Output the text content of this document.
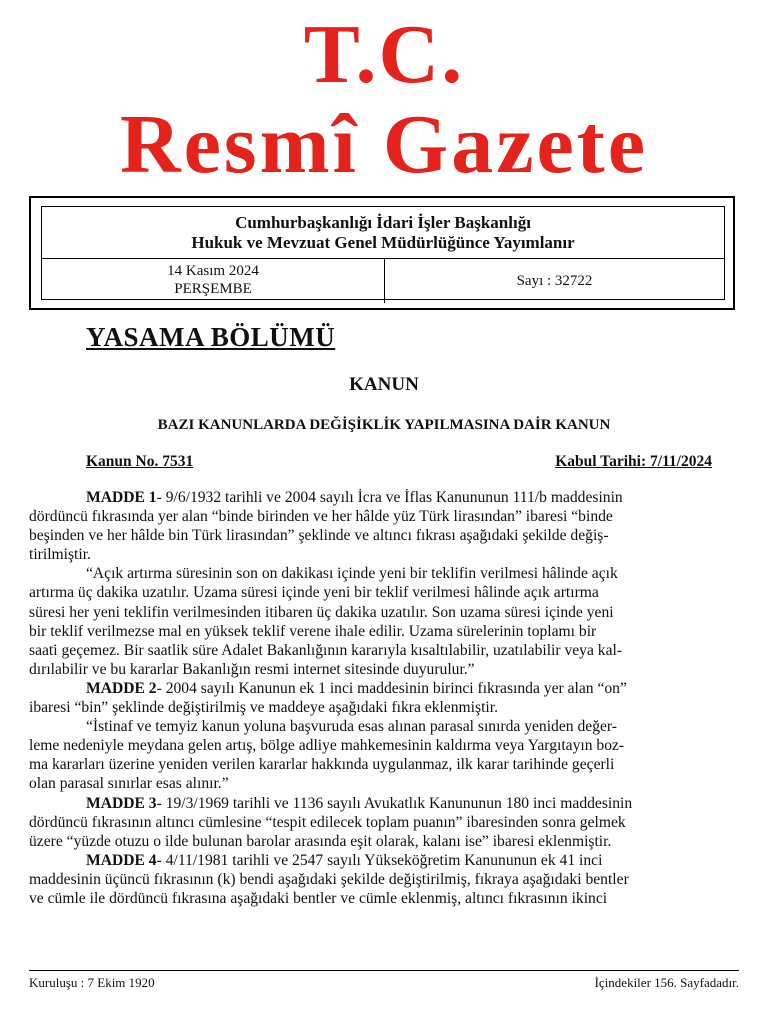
T.C.
Resmî Gazete
Cumhurbaşkanlığı İdari İşler Başkanlığı
Hukuk ve Mevzuat Genel Müdürlüğünce Yayımlanır
14 Kasım 2024
PERŞEMBE	Sayı : 32722
YASAMA BÖLÜMÜ
KANUN
BAZI KANUNLARDA DEĞİŞİKLİK YAPILMASINA DAİR KANUN
Kanun No. 7531	Kabul Tarihi: 7/11/2024
MADDE 1- 9/6/1932 tarihli ve 2004 sayılı İcra ve İflas Kanununun 111/b maddesinin
dördüncü fıkrasında yer alan “binde birinden ve her hâlde yüz Türk lirasından” ibaresi “binde
beşinden ve her hâlde bin Türk lirasından” şeklinde ve altıncı fıkrası aşağıdaki şekilde değiş-
tirilmiştir.
“Açık artırma süresinin son on dakikası içinde yeni bir teklifin verilmesi hâlinde açık
artırma üç dakika uzatılır. Uzama süresi içinde yeni bir teklif verilmesi hâlinde açık artırma
süresi her yeni teklifin verilmesinden itibaren üç dakika uzatılır. Son uzama süresi içinde yeni
bir teklif verilmezse mal en yüksek teklif verene ihale edilir. Uzama sürelerinin toplamı bir
saati geçemez. Bir saatlik süre Adalet Bakanlığının kararıyla kısaltılabilir, uzatılabilir veya kal-
dırılabilir ve bu kararlar Bakanlığın resmi internet sitesinde duyurulur.”
MADDE 2- 2004 sayılı Kanunun ek 1 inci maddesinin birinci fıkrasında yer alan “on”
ibaresi “bin” şeklinde değiştirilmiş ve maddeye aşağıdaki fıkra eklenmiştir.
“İstinaf ve temyiz kanun yoluna başvuruda esas alınan parasal sınırda yeniden değer-
leme nedeniyle meydana gelen artış, bölge adliye mahkemesinin kaldırma veya Yargıtayın boz-
ma kararları üzerine yeniden verilen kararlar hakkında uygulanmaz, ilk karar tarihinde geçerli
olan parasal sınırlar esas alınır.”
MADDE 3- 19/3/1969 tarihli ve 1136 sayılı Avukatlık Kanununun 180 inci maddesinin
dördüncü fıkrasının altıncı cümlesine “tespit edilecek toplam puanın” ibaresinden sonra gelmek
üzere “yüzde otuzu o ilde bulunan barolar arasında eşit olarak, kalanı ise” ibaresi eklenmiştir.
MADDE 4- 4/11/1981 tarihli ve 2547 sayılı Yükseköğretim Kanununun ek 41 inci
maddesinin üçüncü fıkrasının (k) bendi aşağıdaki şekilde değiştirilmiş, fıkraya aşağıdaki bentler
ve cümle ile dördüncü fıkrasına aşağıdaki bentler ve cümle eklenmiş, altıncı fıkrasının ikinci
Kuruluşu : 7 Ekim 1920	İçindekiler 156. Sayfadadır.
